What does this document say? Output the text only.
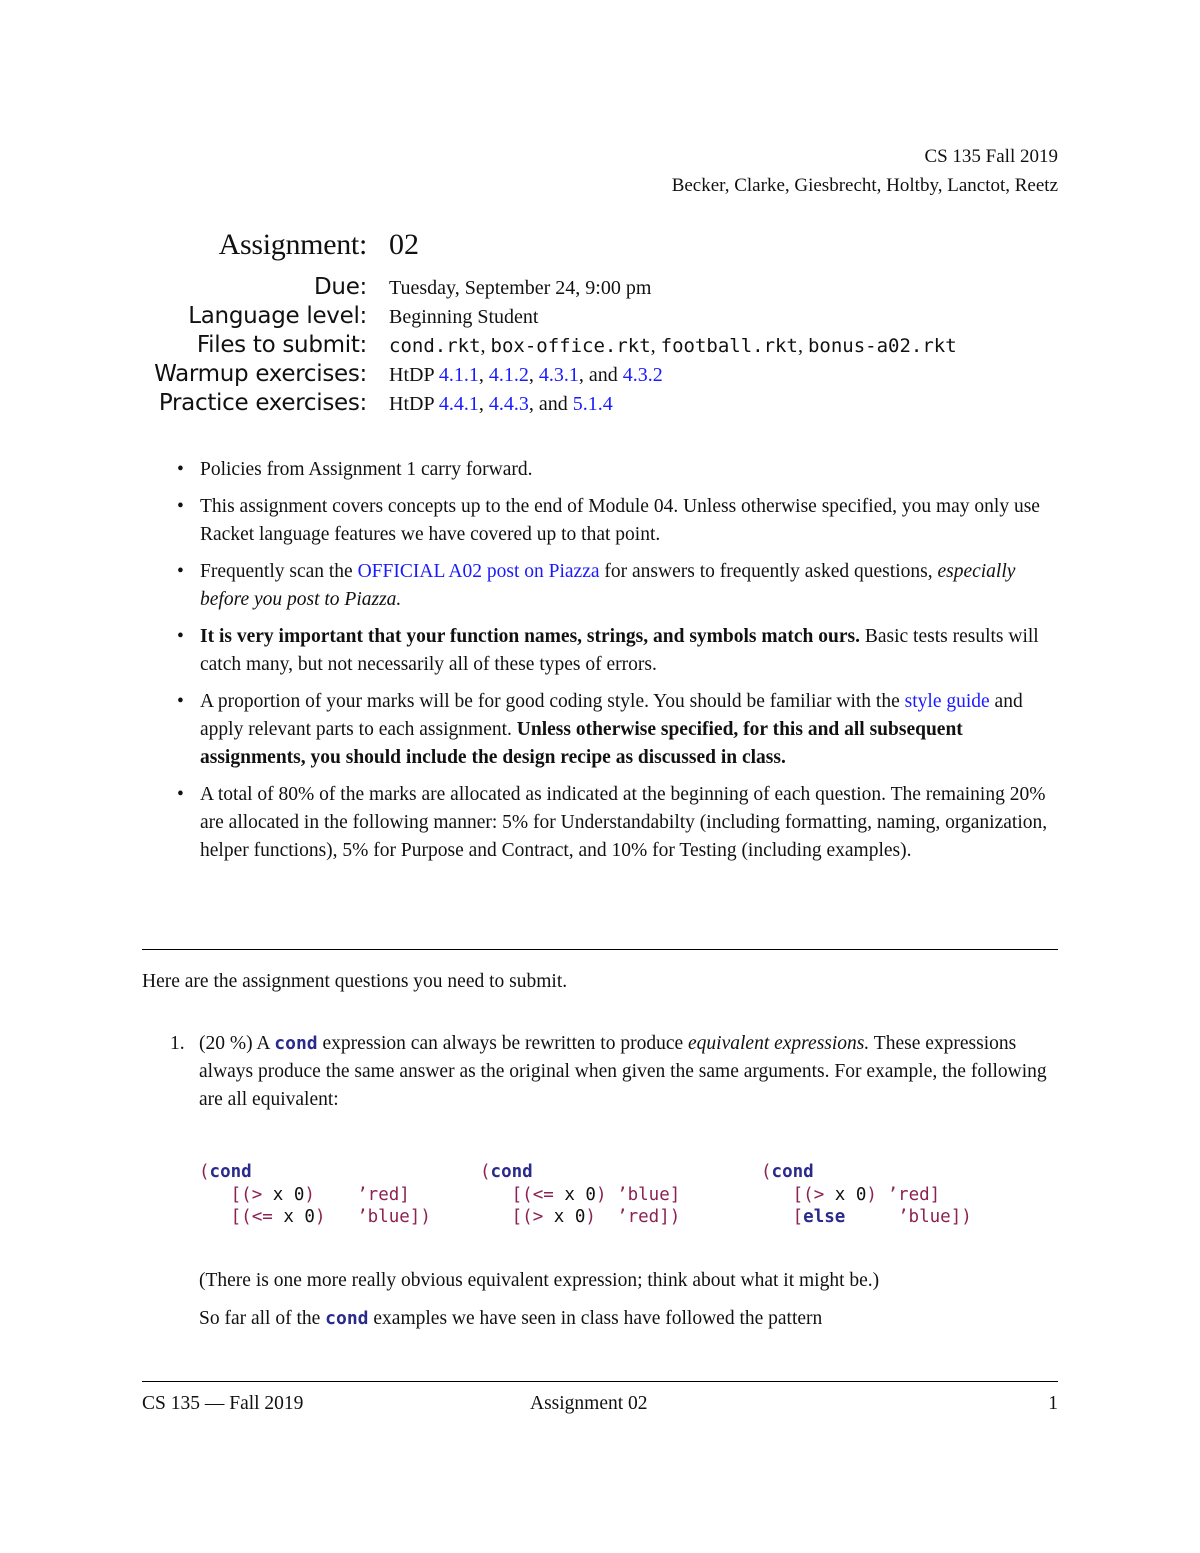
CS 135 Fall 2019
Becker, Clarke, Giesbrecht, Holtby, Lanctot, Reetz
Assignment: 02
Due:	Tuesday, September 24, 9:00 pm
Language level:	Beginning Student
Files to submit:	cond.rkt, box-office.rkt, football.rkt, bonus-a02.rkt
Warmup exercises:	HtDP 4.1.1, 4.1.2, 4.3.1, and 4.3.2
Practice exercises:	HtDP 4.4.1, 4.4.3, and 5.1.4
• Policies from Assignment 1 carry forward.
• This assignment covers concepts up to the end of Module 04. Unless otherwise specified, you may only use Racket language features we have covered up to that point.
• Frequently scan the OFFICIAL A02 post on Piazza for answers to frequently asked questions, especially before you post to Piazza.
• It is very important that your function names, strings, and symbols match ours. Basic tests results will catch many, but not necessarily all of these types of errors.
• A proportion of your marks will be for good coding style. You should be familiar with the style guide and apply relevant parts to each assignment. Unless otherwise specified, for this and all subsequent assignments, you should include the design recipe as discussed in class.
• A total of 80% of the marks are allocated as indicated at the beginning of each question. The remaining 20% are allocated in the following manner: 5% for Understandabilty (including formatting, naming, organization, helper functions), 5% for Purpose and Contract, and 10% for Testing (including examples).
Here are the assignment questions you need to submit.
1. (20 %) A cond expression can always be rewritten to produce equivalent expressions. These expressions always produce the same answer as the original when given the same arguments. For example, the following are all equivalent:
(cond
[(> x 0) ’red]
[(<= x 0) ’blue])
(cond
[(<= x 0) ’blue]
[(> x 0) ’red])
(cond
[(> x 0) ’red]
[else	’blue])
(There is one more really obvious equivalent expression; think about what it might be.)
So far all of the cond examples we have seen in class have followed the pattern
CS 135 — Fall 2019	Assignment 02	1
